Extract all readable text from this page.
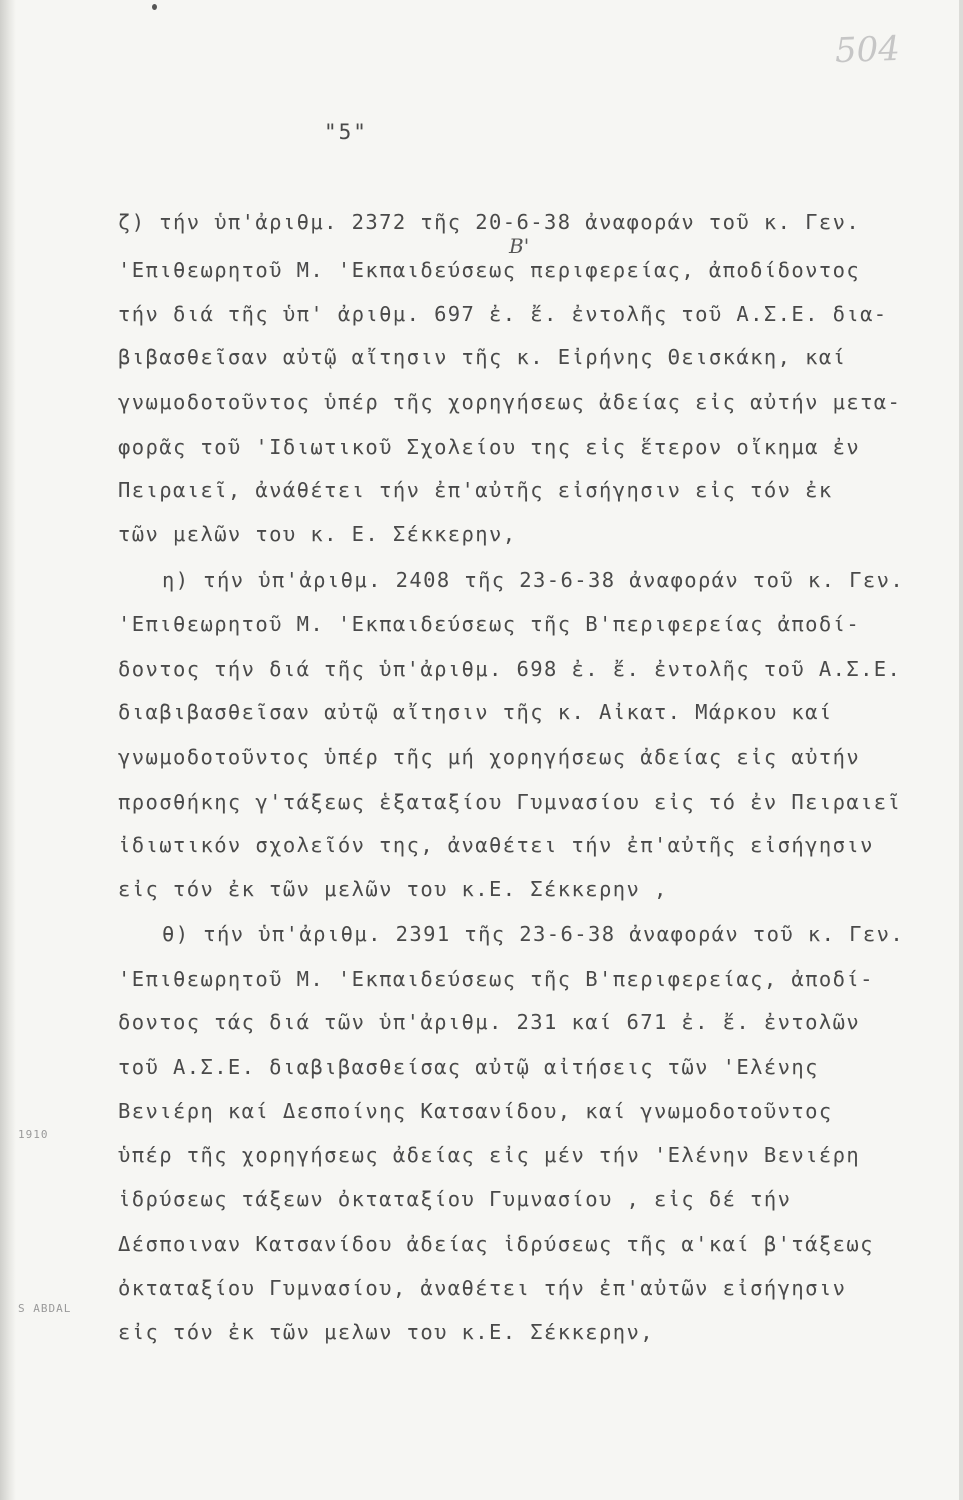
504
"5"
B'
1910
S ABDAL
ζ) τήν ὑπ'ἀριθμ. 2372 τῆς 20-6-38 ἀναφοράν τοῦ κ. Γεν.
'Επιθεωρητοῦ Μ. 'Εκπαιδεύσεως περιφερείας, ἀποδίδοντος
τήν διά τῆς ὑπ' ἀριθμ. 697 ἐ. ἔ. ἐντολῆς τοῦ Α.Σ.Ε. δια-
βιβασθεῖσαν αὐτῷ αἴτησιν τῆς κ. Εἰρήνης Θεισκάκη, καί
γνωμοδοτοῦντος ὑπέρ τῆς χορηγήσεως ἀδείας εἰς αὐτήν μετα-
φορᾶς τοῦ 'Ιδιωτικοῦ Σχολείου της εἰς ἕτερον οἴκημα ἐν
Πειραιεῖ, ἀνάθέτει τήν ἐπ'αὐτῆς εἰσήγησιν εἰς τόν ἐκ
τῶν μελῶν του κ. Ε. Σέκκερην,
η) τήν ὑπ'ἀριθμ. 2408 τῆς 23-6-38 ἀναφοράν τοῦ κ. Γεν.
'Επιθεωρητοῦ Μ. 'Εκπαιδεύσεως τῆς Β'περιφερείας ἀποδί-
δοντος τήν διά τῆς ὑπ'ἀριθμ. 698 ἐ. ἔ. ἐντολῆς τοῦ Α.Σ.Ε.
διαβιβασθεῖσαν αὐτῷ αἴτησιν τῆς κ. Αἰκατ. Μάρκου καί
γνωμοδοτοῦντος ὑπέρ τῆς μή χορηγήσεως ἀδείας εἰς αὐτήν
προσθήκης γ'τάξεως ἑξαταξίου Γυμνασίου εἰς τό ἐν Πειραιεῖ
ἰδιωτικόν σχολεῖόν της, ἀναθέτει τήν ἐπ'αὐτῆς εἰσήγησιν
εἰς τόν ἐκ τῶν μελῶν του κ.Ε. Σέκκερην ,
θ) τήν ὑπ'ἀριθμ. 2391 τῆς 23-6-38 ἀναφοράν τοῦ κ. Γεν.
'Επιθεωρητοῦ Μ. 'Εκπαιδεύσεως τῆς Β'περιφερείας, ἀποδί-
δοντος τάς διά τῶν ὑπ'ἀριθμ. 231 καί 671 ἐ. ἔ. ἐντολῶν
τοῦ Α.Σ.Ε. διαβιβασθείσας αὐτῷ αἰτήσεις τῶν 'Ελένης
Βενιέρη καί Δεσποίνης Κατσανίδου, καί γνωμοδοτοῦντος
ὑπέρ τῆς χορηγήσεως ἀδείας εἰς μέν τήν 'Ελένην Βενιέρη
ἱδρύσεως τάξεων ὀκταταξίου Γυμνασίου , εἰς δέ τήν
Δέσποιναν Κατσανίδου ἀδείας ἱδρύσεως τῆς α'καί β'τάξεως
ὀκταταξίου Γυμνασίου, ἀναθέτει τήν ἐπ'αὐτῶν εἰσήγησιν
εἰς τόν ἐκ τῶν μελων του κ.Ε. Σέκκερην,
